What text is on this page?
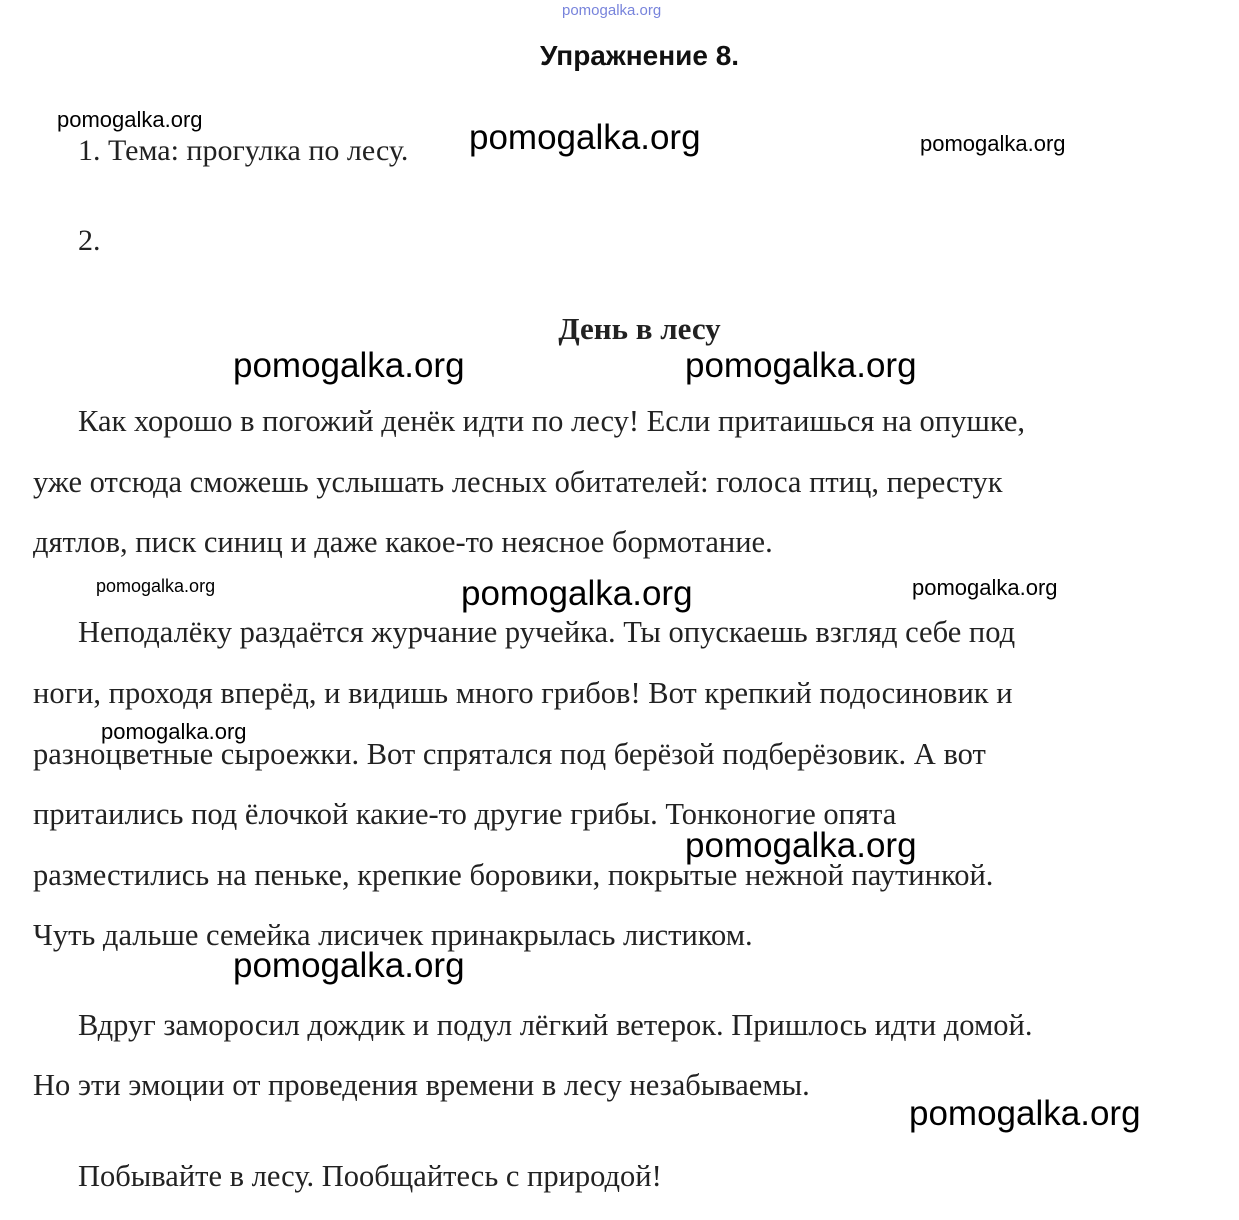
Упражнение 8.
1. Тема: прогулка по лесу.
2.
День в лесу
Как хорошо в погожий денёк идти по лесу! Если притаишься на опушке,
уже отсюда сможешь услышать лесных обитателей: голоса птиц, перестук
дятлов, писк синиц и даже какое-то неясное бормотание.
Неподалёку раздаётся журчание ручейка. Ты опускаешь взгляд себе под
ноги, проходя вперёд, и видишь много грибов! Вот крепкий подосиновик и
разноцветные сыроежки. Вот спрятался под берёзой подберёзовик. А вот
притаились под ёлочкой какие-то другие грибы. Тонконогие опята
разместились на пеньке, крепкие боровики, покрытые нежной паутинкой.
Чуть дальше семейка лисичек принакрылась листиком.
Вдруг заморосил дождик и подул лёгкий ветерок. Пришлось идти домой.
Но эти эмоции от проведения времени в лесу незабываемы.
Побывайте в лесу. Пообщайтесь с природой!
pomogalka.org
pomogalka.org	pomogalka.org	pomogalka.org
pomogalka.org	pomogalka.org
pomogalka.org	pomogalka.org	pomogalka.org
pomogalka.org
pomogalka.org
pomogalka.org
pomogalka.org
